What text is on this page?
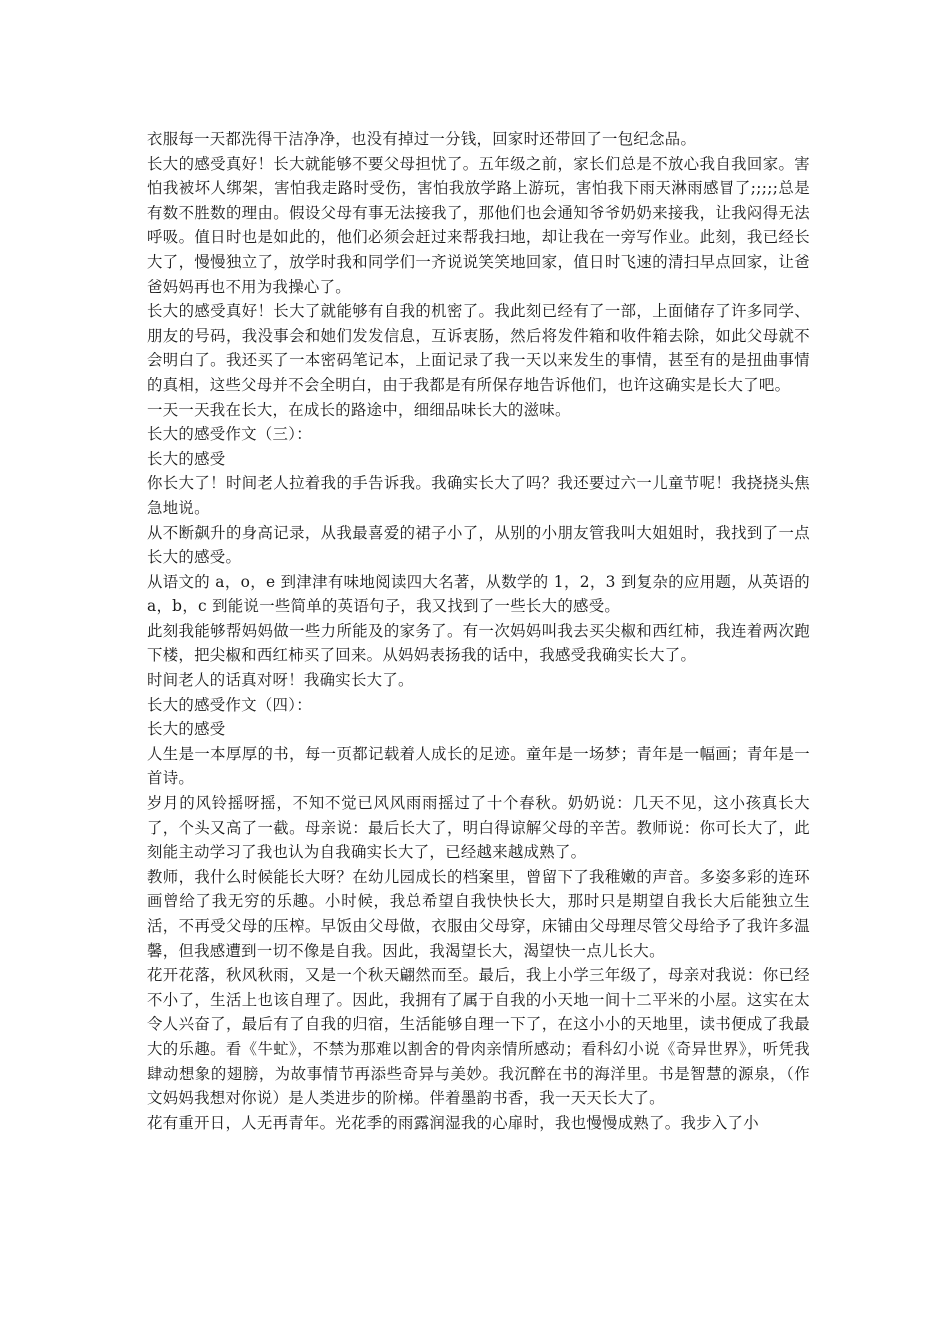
衣服每一天都洗得干洁净净，也没有掉过一分钱，回家时还带回了一包纪念品。

长大的感受真好！长大就能够不要父母担忧了。五年级之前，家长们总是不放心我自我回家。害怕我被坏人绑架，害怕我走路时受伤，害怕我放学路上游玩，害怕我下雨天淋雨感冒了;;;;;总是有数不胜数的理由。假设父母有事无法接我了，那他们也会通知爷爷奶奶来接我，让我闷得无法呼吸。值日时也是如此的，他们必须会赶过来帮我扫地，却让我在一旁写作业。此刻，我已经长大了，慢慢独立了，放学时我和同学们一齐说说笑笑地回家，值日时飞速的清扫早点回家，让爸爸妈妈再也不用为我操心了。

长大的感受真好！长大了就能够有自我的机密了。我此刻已经有了一部，上面储存了许多同学、朋友的号码，我没事会和她们发发信息，互诉衷肠，然后将发件箱和收件箱去除，如此父母就不会明白了。我还买了一本密码笔记本，上面记录了我一天以来发生的事情，甚至有的是扭曲事情的真相，这些父母并不会全明白，由于我都是有所保存地告诉他们，也许这确实是长大了吧。

一天一天我在长大，在成长的路途中，细细品味长大的滋味。

长大的感受作文（三）：

长大的感受

你长大了！时间老人拉着我的手告诉我。我确实长大了吗？我还要过六一儿童节呢！我挠挠头焦急地说。

从不断飙升的身高记录，从我最喜爱的裙子小了，从别的小朋友管我叫大姐姐时，我找到了一点长大的感受。

从语文的 a，o，e 到津津有味地阅读四大名著，从数学的 1，2，3 到复杂的应用题，从英语的 a，b，c 到能说一些简单的英语句子，我又找到了一些长大的感受。

此刻我能够帮妈妈做一些力所能及的家务了。有一次妈妈叫我去买尖椒和西红柿，我连着两次跑下楼，把尖椒和西红柿买了回来。从妈妈表扬我的话中，我感受我确实长大了。

时间老人的话真对呀！我确实长大了。

长大的感受作文（四）：

长大的感受

人生是一本厚厚的书，每一页都记载着人成长的足迹。童年是一场梦；青年是一幅画；青年是一首诗。

岁月的风铃摇呀摇，不知不觉已风风雨雨摇过了十个春秋。奶奶说：几天不见，这小孩真长大了，个头又高了一截。母亲说：最后长大了，明白得谅解父母的辛苦。教师说：你可长大了，此刻能主动学习了我也认为自我确实长大了，已经越来越成熟了。

教师，我什么时候能长大呀？在幼儿园成长的档案里，曾留下了我稚嫩的声音。多姿多彩的连环画曾给了我无穷的乐趣。小时候，我总希望自我快快长大，那时只是期望自我长大后能独立生活，不再受父母的压榨。早饭由父母做，衣服由父母穿，床铺由父母理尽管父母给予了我许多温馨，但我感遭到一切不像是自我。因此，我渴望长大，渴望快一点儿长大。

花开花落，秋风秋雨，又是一个秋天翩然而至。最后，我上小学三年级了，母亲对我说：你已经不小了，生活上也该自理了。因此，我拥有了属于自我的小天地一间十二平米的小屋。这实在太令人兴奋了，最后有了自我的归宿，生活能够自理一下了，在这小小的天地里，读书便成了我最大的乐趣。看《牛虻》，不禁为那难以割舍的骨肉亲情所感动；看科幻小说《奇异世界》，听凭我肆动想象的翅膀，为故事情节再添些奇异与美妙。我沉醉在书的海洋里。书是智慧的源泉，（作文妈妈我想对你说）是人类进步的阶梯。伴着墨韵书香，我一天天长大了。

花有重开日，人无再青年。光花季的雨露润湿我的心扉时，我也慢慢成熟了。我步入了小
